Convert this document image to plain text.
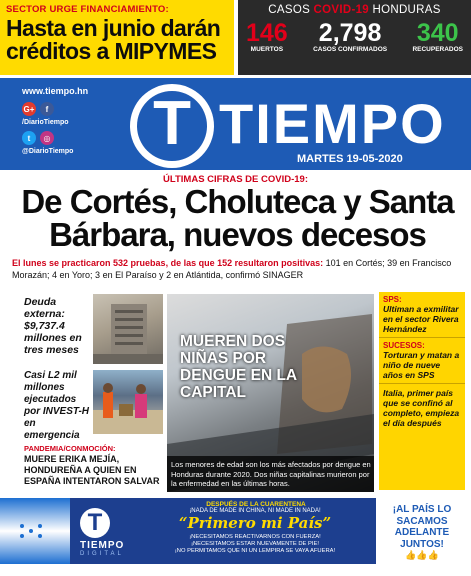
SECTOR URGE FINANCIAMIENTO:
Hasta en junio darán créditos a MIPYMES
CASOS COVID-19 HONDURAS
146
MUERTOS
2,798
CASOS CONFIRMADOS
340
RECUPERADOS
www.tiempo.hn
G+	f
/DiarioTiempo
t	◎
@DiarioTiempo T TIEMPO
MARTES 19-05-2020
ÚLTIMAS CIFRAS DE COVID-19:
De Cortés, Choluteca y Santa Bárbara, nuevos decesos
El lunes se practicaron 532 pruebas, de las que 152 resultaron positivas: 101 en Cortés; 39 en Francisco Morazán; 4 en Yoro; 3 en El Paraíso y 2 en Atlántida, confirmó SINAGER
Deuda externa: $9,737.4 millones en tres meses
Casi L2 mil millones ejecutados por INVEST-H en emergencia
PANDEMIA/CONMOCIÓN:
MUERE ERIKA MEJÍA, HONDUREÑA A QUIEN EN ESPAÑA INTENTARON SALVAR
MUEREN DOS NIÑAS POR DENGUE EN LA CAPITAL
Los menores de edad son los más afectados por dengue en Honduras durante 2020. Dos niñas capitalinas murieron por la enfermedad en las últimas horas.
SPS:
Ultiman a exmilitar en el sector Rivera Hernández
SUCESOS:
Torturan y matan a niño de nueve años en SPS
Italia, primer país que se confinó al completo, empieza el día después
T
TIEMPO
DIGITAL
DESPUÉS DE LA CUARENTENA
¡NADA DE MADE IN CHINA, NI MADE IN NADA!
“Primero mi País”
¡NECESITAMOS REACTIVARNOS CON FUERZA!
¡NECESITAMOS ESTAR NUEVAMENTE DE PIE!
¡NO PERMITAMOS QUE NI UN LEMPIRA SE VAYA AFUERA!
¡AL PAÍS LO SACAMOS ADELANTE JUNTOS!
👍👍👍
